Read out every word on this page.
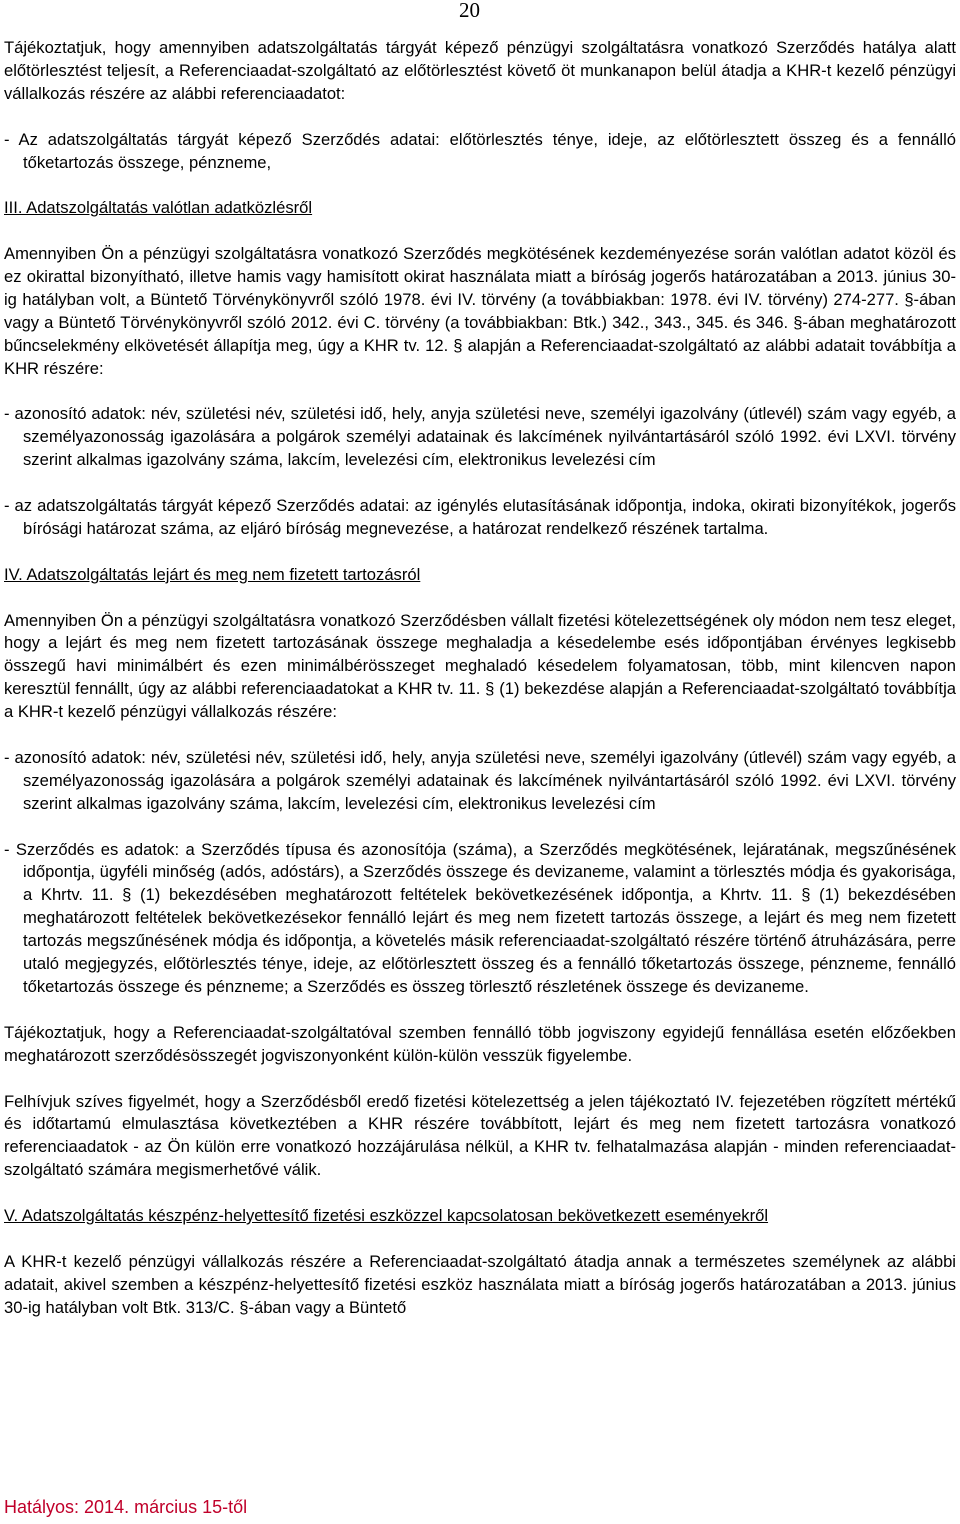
20

Tájékoztatjuk, hogy amennyiben adatszolgáltatás tárgyát képező pénzügyi szolgáltatásra vonatkozó Szerződés hatálya alatt előtörlesztést teljesít, a Referenciaadat-szolgáltató az előtörlesztést követő öt munkanapon belül átadja a KHR-t kezelő pénzügyi vállalkozás részére az alábbi referenciaadatot:

- Az adatszolgáltatás tárgyát képező Szerződés adatai: előtörlesztés ténye, ideje, az előtörlesztett összeg és a fennálló tőketartozás összege, pénzneme,

III. Adatszolgáltatás valótlan adatközlésről

Amennyiben Ön a pénzügyi szolgáltatásra vonatkozó Szerződés megkötésének kezdeményezése során valótlan adatot közöl és ez okirattal bizonyítható, illetve hamis vagy hamisított okirat használata miatt a bíróság jogerős határozatában a 2013. június 30-ig hatályban volt, a Büntető Törvénykönyvről szóló 1978. évi IV. törvény (a továbbiakban: 1978. évi IV. törvény) 274-277. §-ában vagy a Büntető Törvénykönyvről szóló 2012. évi C. törvény (a továbbiakban: Btk.) 342., 343., 345. és 346. §-ában meghatározott bűncselekmény elkövetését állapítja meg, úgy a KHR tv. 12. § alapján a Referenciaadat-szolgáltató az alábbi adatait továbbítja a KHR részére:

- azonosító adatok: név, születési név, születési idő, hely, anyja születési neve, személyi igazolvány (útlevél) szám vagy egyéb, a személyazonosság igazolására a polgárok személyi adatainak és lakcímének nyilvántartásáról szóló 1992. évi LXVI. törvény szerint alkalmas igazolvány száma, lakcím, levelezési cím, elektronikus levelezési cím

- az adatszolgáltatás tárgyát képező Szerződés adatai: az igénylés elutasításának időpontja, indoka, okirati bizonyítékok, jogerős bírósági határozat száma, az eljáró bíróság megnevezése, a határozat rendelkező részének tartalma.

IV. Adatszolgáltatás lejárt és meg nem fizetett tartozásról

Amennyiben Ön a pénzügyi szolgáltatásra vonatkozó Szerződésben vállalt fizetési kötelezettségének oly módon nem tesz eleget, hogy a lejárt és meg nem fizetett tartozásának összege meghaladja a késedelembe esés időpontjában érvényes legkisebb összegű havi minimálbért és ezen minimálbérösszeget meghaladó késedelem folyamatosan, több, mint kilencven napon keresztül fennállt, úgy az alábbi referenciaadatokat a KHR tv. 11. § (1) bekezdése alapján a Referenciaadat-szolgáltató továbbítja a KHR-t kezelő pénzügyi vállalkozás részére:

- azonosító adatok: név, születési név, születési idő, hely, anyja születési neve, személyi igazolvány (útlevél) szám vagy egyéb, a személyazonosság igazolására a polgárok személyi adatainak és lakcímének nyilvántartásáról szóló 1992. évi LXVI. törvény szerint alkalmas igazolvány száma, lakcím, levelezési cím, elektronikus levelezési cím

- Szerződés es adatok: a Szerződés típusa és azonosítója (száma), a Szerződés megkötésének, lejáratának, megszűnésének időpontja, ügyféli minőség (adós, adóstárs), a Szerződés összege és devizaneme, valamint a törlesztés módja és gyakorisága, a Khrtv. 11. § (1) bekezdésében meghatározott feltételek bekövetkezésének időpontja, a Khrtv. 11. § (1) bekezdésében meghatározott feltételek bekövetkezésekor fennálló lejárt és meg nem fizetett tartozás összege, a lejárt és meg nem fizetett tartozás megszűnésének módja és időpontja, a követelés másik referenciaadat-szolgáltató részére történő átruházására, perre utaló megjegyzés, előtörlesztés ténye, ideje, az előtörlesztett összeg és a fennálló tőketartozás összege, pénzneme, fennálló tőketartozás összege és pénzneme; a Szerződés es összeg törlesztő részletének összege és devizaneme.

Tájékoztatjuk, hogy a Referenciaadat-szolgáltatóval szemben fennálló több jogviszony egyidejű fennállása esetén előzőekben meghatározott szerződésösszegét jogviszonyonként külön-külön vesszük figyelembe.

Felhívjuk szíves figyelmét, hogy a Szerződésből eredő fizetési kötelezettség a jelen tájékoztató IV. fejezetében rögzített mértékű és időtartamú elmulasztása következtében a KHR részére továbbított, lejárt és meg nem fizetett tartozásra vonatkozó referenciaadatok - az Ön külön erre vonatkozó hozzájárulása nélkül, a KHR tv. felhatalmazása alapján - minden referenciaadat-szolgáltató számára megismerhetővé válik.

V. Adatszolgáltatás készpénz-helyettesítő fizetési eszközzel kapcsolatosan bekövetkezett eseményekről

A KHR-t kezelő pénzügyi vállalkozás részére a Referenciaadat-szolgáltató átadja annak a természetes személynek az alábbi adatait, akivel szemben a készpénz-helyettesítő fizetési eszköz használata miatt a bíróság jogerős határozatában a 2013. június 30-ig hatályban volt Btk. 313/C. §-ában vagy a Büntető

Hatályos: 2014. március 15-től
